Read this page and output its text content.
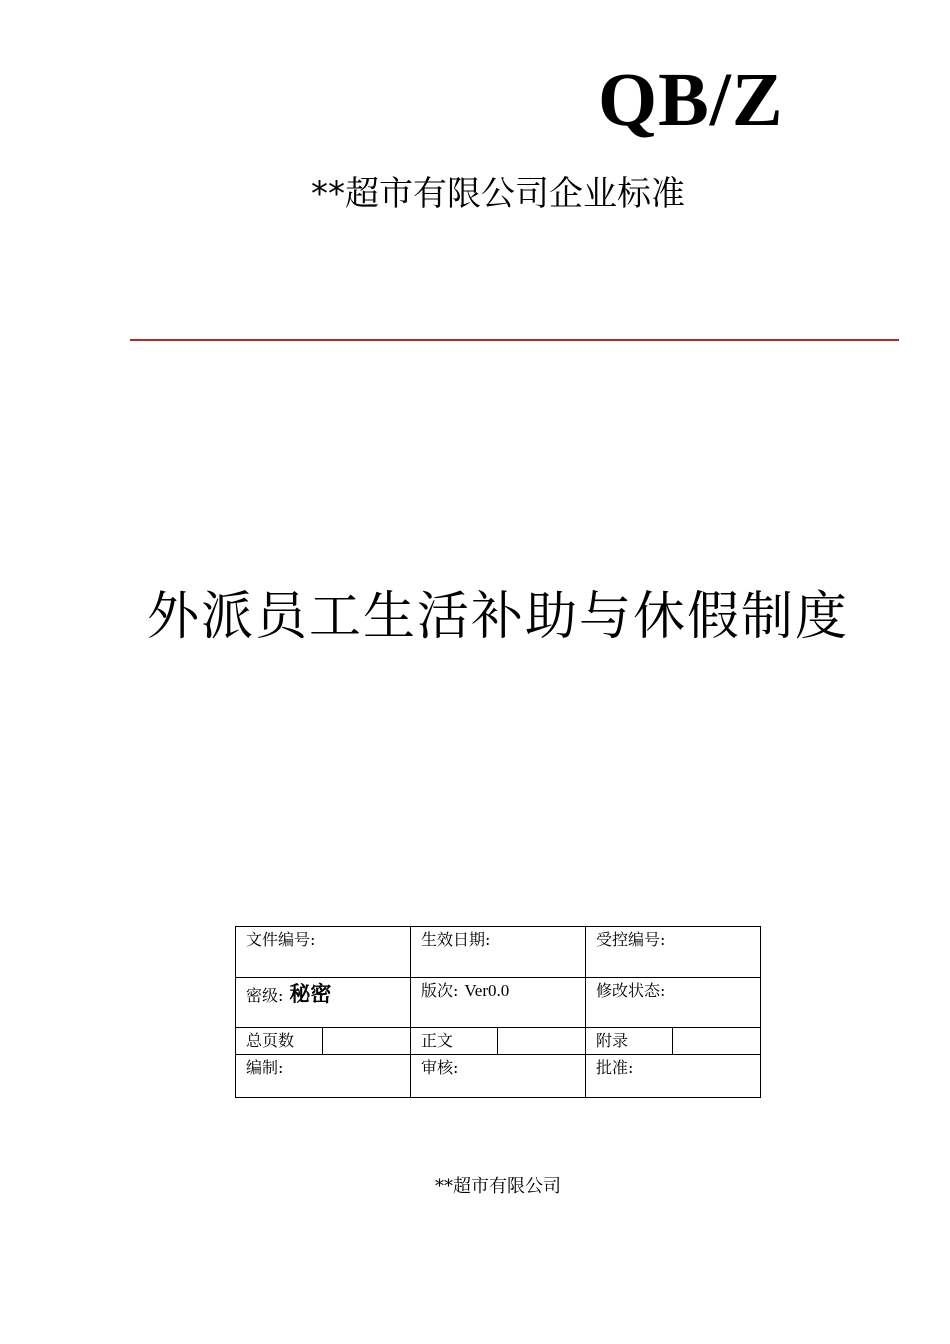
QB/Z
**超市有限公司企业标准
外派员工生活补助与休假制度
文件编号:		生效日期:		受控编号:	
密级: 秘密		版次: Ver0.0		修改状态:	
总页数		正文		附录	
编制:		审核:		批准:	
**超市有限公司
